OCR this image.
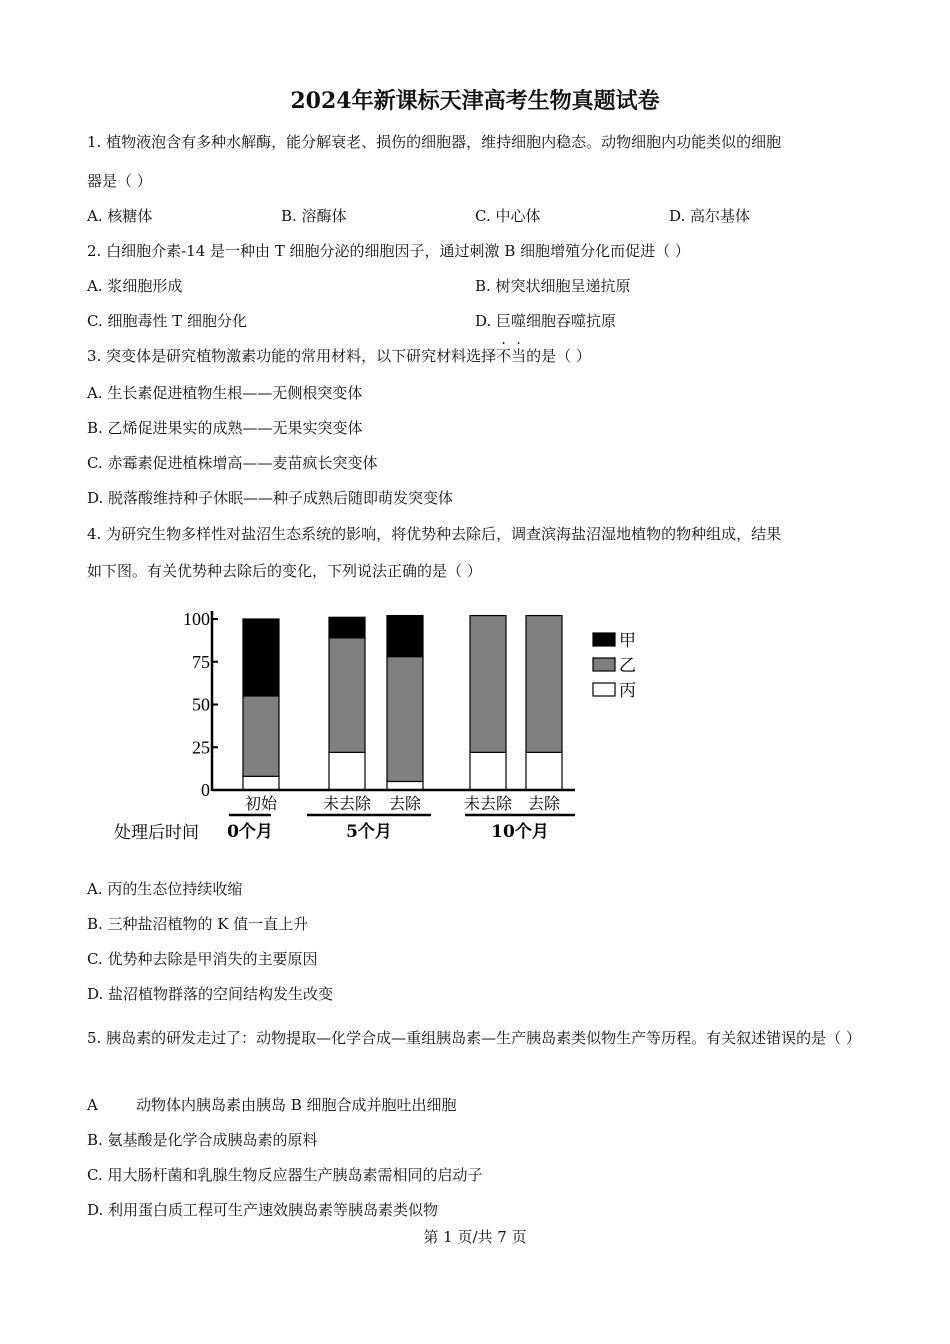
2024年新课标天津高考生物真题试卷
1. 植物液泡含有多种水解酶，能分解衰老、损伤的细胞器，维持细胞内稳态。动物细胞内功能类似的细胞
器是（ ）
A. 核糖体	B. 溶酶体	C. 中心体	D. 高尔基体
2. 白细胞介素-14 是一种由 T 细胞分泌的细胞因子，通过刺激 B 细胞增殖分化而促进（ ）
A. 浆细胞形成	B. 树突状细胞呈递抗原
C. 细胞毒性 T 细胞分化	D. 巨噬细胞吞噬抗原
3. 突变体是研究植物激素功能的常用材料，以下研究材料选择不当的是（ ）
A. 生长素促进植物生根——无侧根突变体
B. 乙烯促进果实的成熟——无果实突变体
C. 赤霉素促进植株增高——麦苗疯长突变体
D. 脱落酸维持种子休眠——种子成熟后随即萌发突变体
4. 为研究生物多样性对盐沼生态系统的影响，将优势种去除后，调查滨海盐沼湿地植物的物种组成，结果
如下图。有关优势种去除后的变化，下列说法正确的是（ ）
0
25
50
75
100
初始	未去除 去除	未去除 去除
0个月	5个月	10个月
处理后时间
甲
乙
丙
A. 丙的生态位持续收缩
B. 三种盐沼植物的 K 值一直上升
C. 优势种去除是甲消失的主要原因
D. 盐沼植物群落的空间结构发生改变
5. 胰岛素的研发走过了：动物提取—化学合成—重组胰岛素—生产胰岛素类似物生产等历程。有关叙述· 错· 误的是（ ）
A        动物体内胰岛素由胰岛 B 细胞合成并胞吐出细胞
B. 氨基酸是化学合成胰岛素的原料
C. 用大肠杆菌和乳腺生物反应器生产胰岛素需相同的启动子
D. 利用蛋白质工程可生产速效胰岛素等胰岛素类似物
第 1 页/共 7 页
